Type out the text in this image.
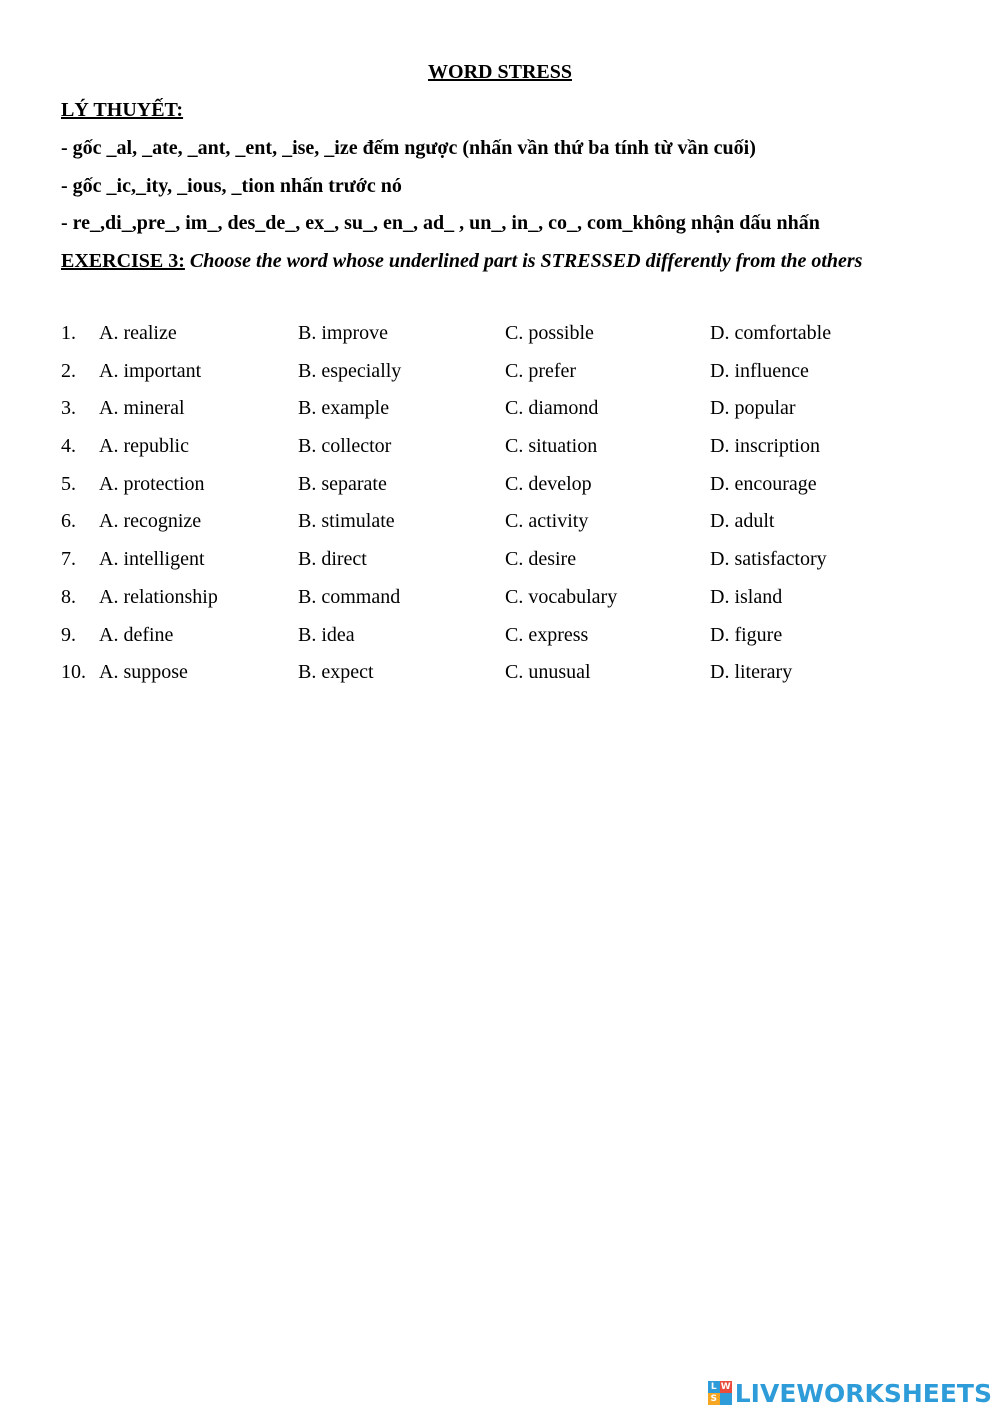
WORD STRESS
LÝ THUYẾT:
- gốc _al, _ate, _ant, _ent, _ise, _ize đếm ngược (nhấn vần thứ ba tính từ vần cuối)
- gốc _ic,_ity, _ious, _tion nhấn trước nó
- re_,di_,pre_, im_, des_de_, ex_, su_, en_, ad_ , un_, in_, co_, com_không nhận dấu nhấn
EXERCISE 3: Choose the word whose underlined part is STRESSED differently from the others
1. A. realize	B. improve	C. possible	D. comfortable
2. A. important	B. especially	C. prefer	D. influence
3. A. mineral	B. example	C. diamond	D. popular
4. A. republic	B. collector	C. situation	D. inscription
5. A. protection	B. separate	C. develop	D. encourage
6. A. recognize	B. stimulate	C. activity	D. adult
7. A. intelligent	B. direct	C. desire	D. satisfactory
8. A. relationship	B. command	C. vocabulary	D. island
9. A. define	B. idea	C. express	D. figure
10. A. suppose	B. expect	C. unusual	D. literary
L W
S LIVEWORKSHEETS
